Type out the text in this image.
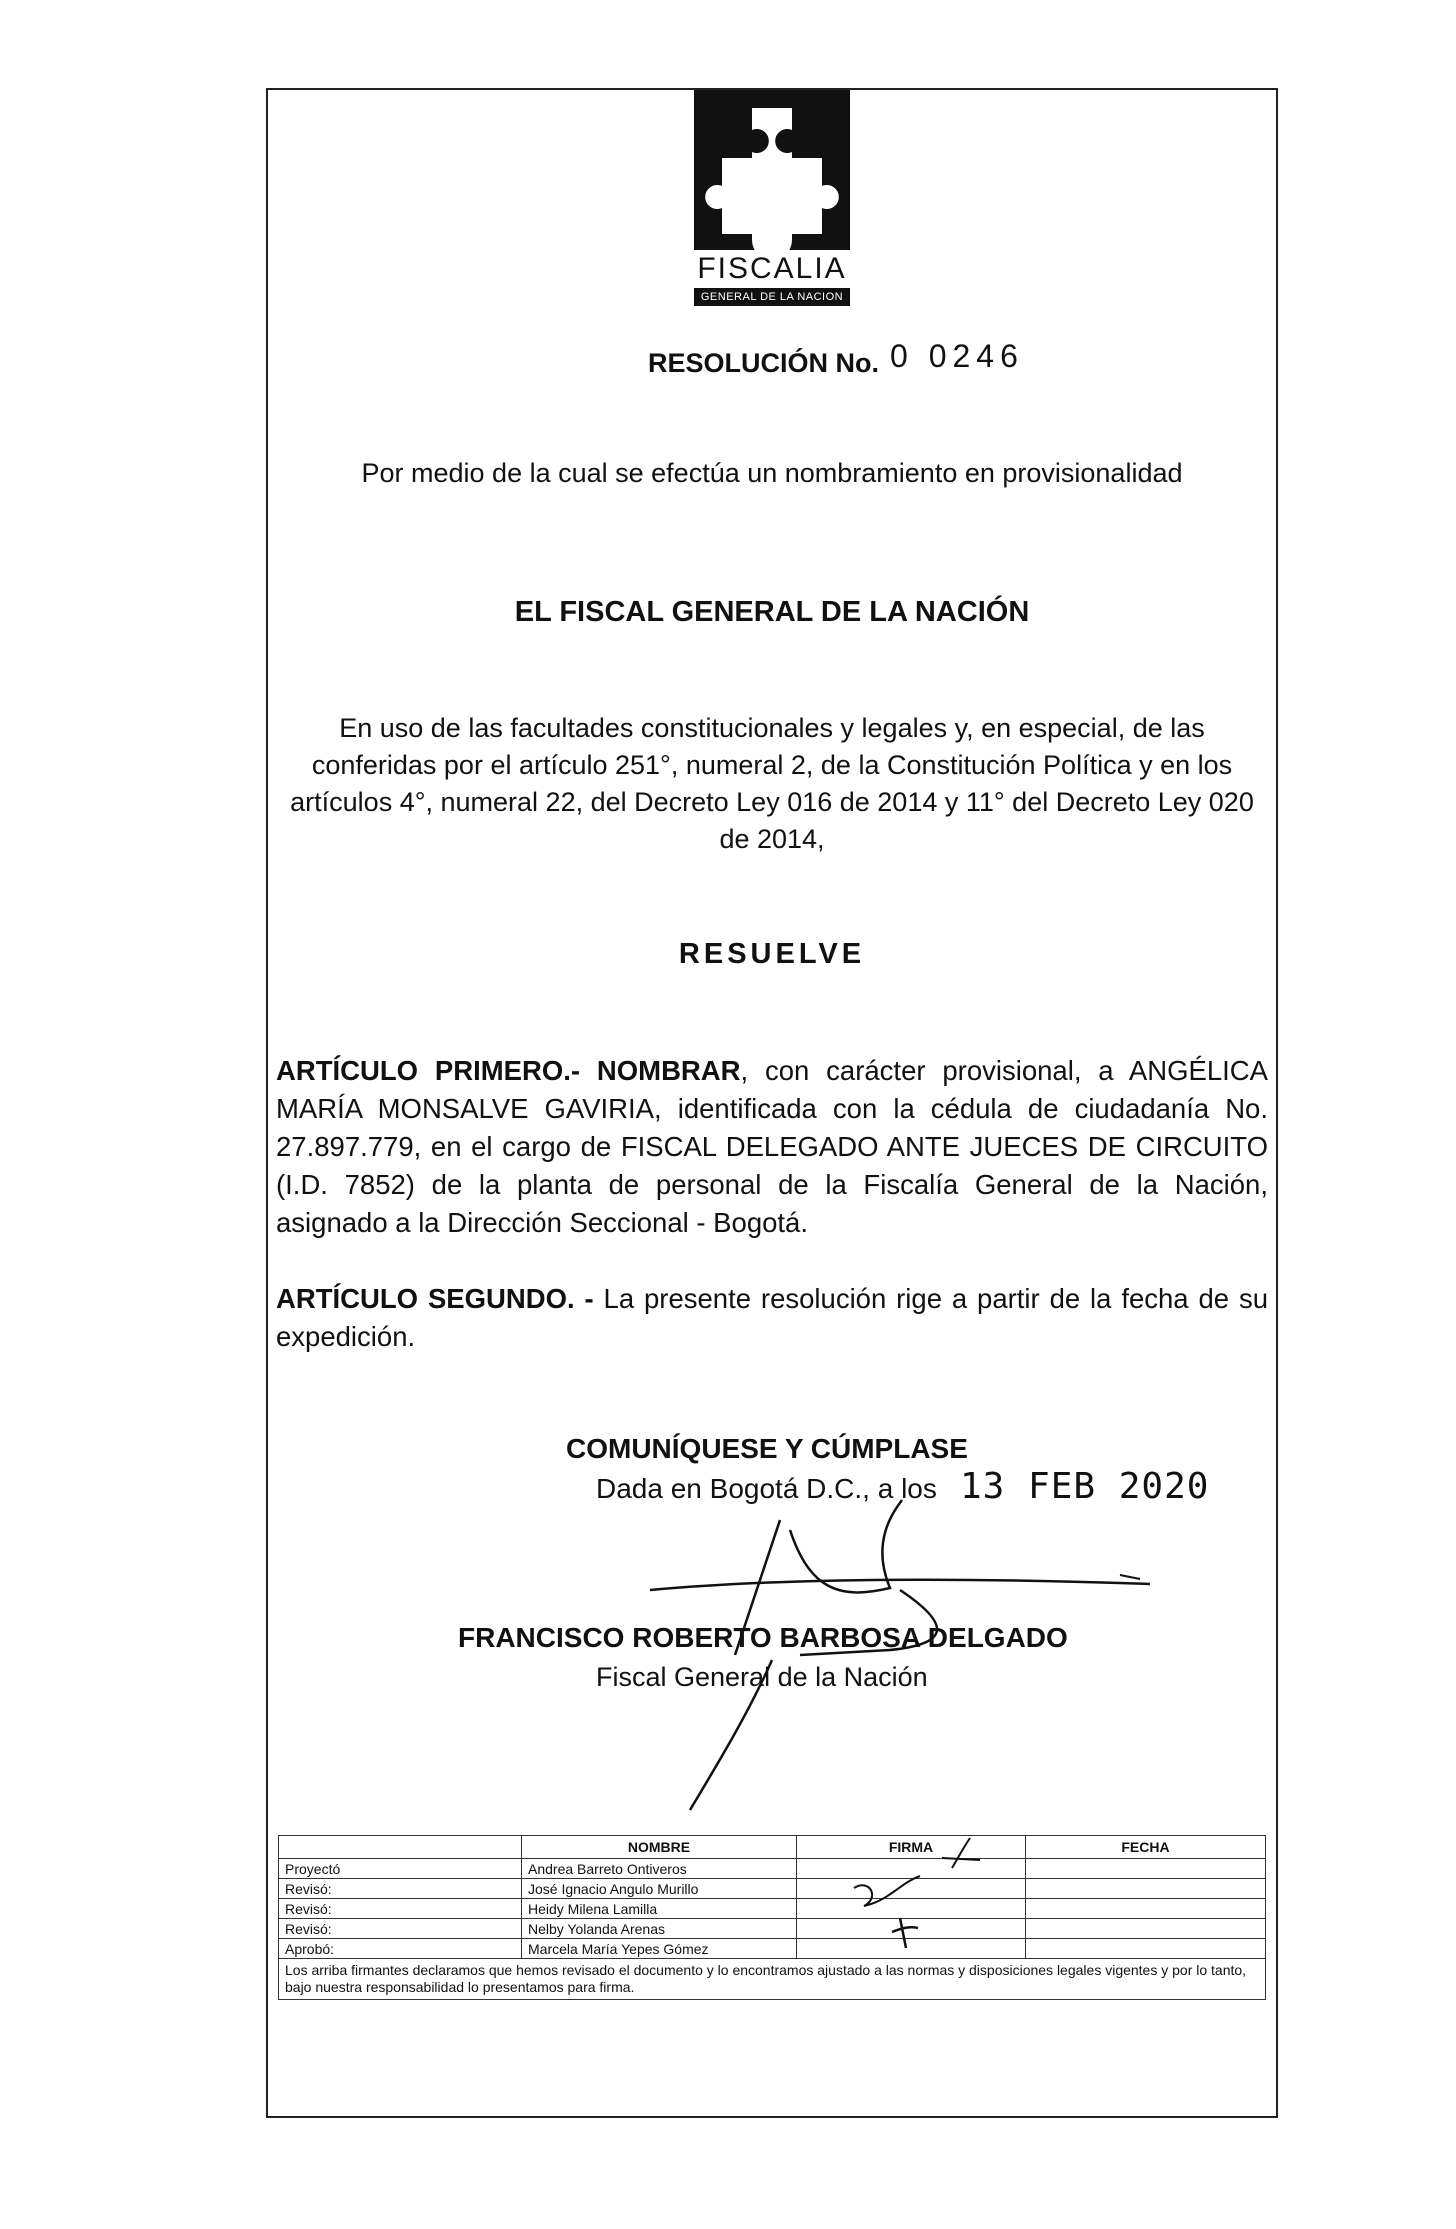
FISCALIA
GENERAL DE LA NACION
RESOLUCIÓN No. 0 0246
Por medio de la cual se efectúa un nombramiento en provisionalidad
EL FISCAL GENERAL DE LA NACIÓN
En uso de las facultades constitucionales y legales y, en especial, de las conferidas por el artículo 251°, numeral 2, de la Constitución Política y en los artículos 4°, numeral 22, del Decreto Ley 016 de 2014 y 11° del Decreto Ley 020 de 2014,
RESUELVE
ARTÍCULO PRIMERO.- NOMBRAR, con carácter provisional, a ANGÉLICA MARÍA MONSALVE GAVIRIA, identificada con la cédula de ciudadanía No. 27.897.779, en el cargo de FISCAL DELEGADO ANTE JUECES DE CIRCUITO (I.D. 7852) de la planta de personal de la Fiscalía General de la Nación, asignado a la Dirección Seccional - Bogotá.
ARTÍCULO SEGUNDO. - La presente resolución rige a partir de la fecha de su expedición.
COMUNÍQUESE Y CÚMPLASE
Dada en Bogotá D.C., a los 13 FEB 2020
FRANCISCO ROBERTO BARBOSA DELGADO
Fiscal General de la Nación
	NOMBRE	FIRMA	FECHA
Proyectó	Andrea Barreto Ontiveros		
Revisó:	José Ignacio Angulo Murillo		
Revisó:	Heidy Milena Lamilla		
Revisó:	Nelby Yolanda Arenas		
Aprobó:	Marcela María Yepes Gómez		
Los arriba firmantes declaramos que hemos revisado el documento y lo encontramos ajustado a las normas y disposiciones legales vigentes y por lo tanto, bajo nuestra responsabilidad lo presentamos para firma.			
